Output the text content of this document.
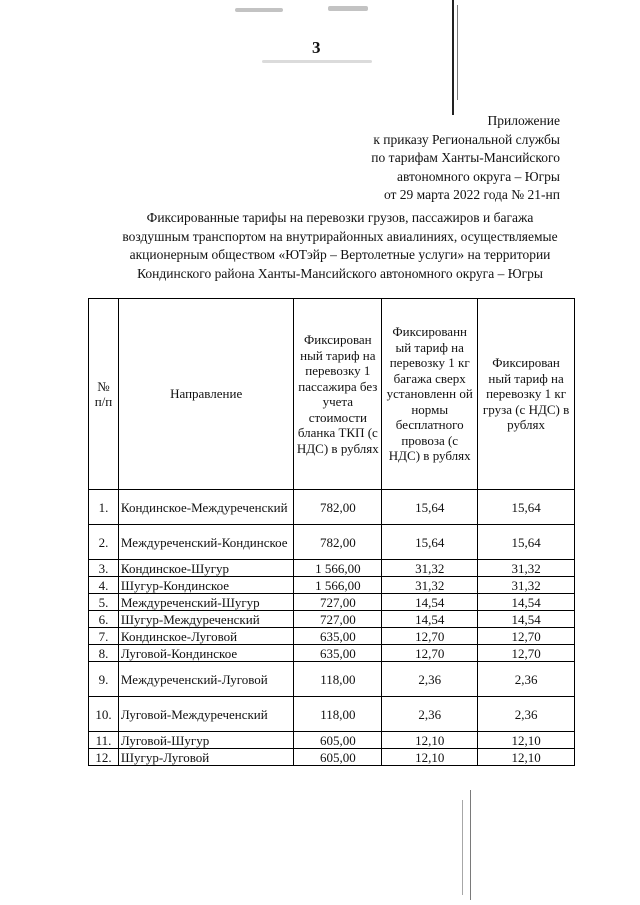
3
Приложение
к приказу Региональной службы
по тарифам Ханты-Мансийского
автономного округа – Югры
от 29 марта 2022 года № 21-нп
Фиксированные тарифы на перевозки грузов, пассажиров и багажа
воздушным транспортом на внутрирайонных авиалиниях, осуществляемые
акционерным обществом «ЮТэйр – Вертолетные услуги» на территории
Кондинского района Ханты-Мансийского автономного округа – Югры
№ п/п	Направление	Фиксирован ный тариф на перевозку 1 пассажира без учета стоимости бланка ТКП (с НДС) в рублях	Фиксированн ый тариф на перевозку 1 кг багажа сверх установленн ой нормы бесплатного провоза (с НДС) в рублях	Фиксирован ный тариф на перевозку 1 кг груза (с НДС) в рублях
1.	Кондинское-Междуреченский	782,00	15,64	15,64
2.	Междуреченский-Кондинское	782,00	15,64	15,64
3.	Кондинское-Шугур	1 566,00	31,32	31,32
4.	Шугур-Кондинское	1 566,00	31,32	31,32
5.	Междуреченский-Шугур	727,00	14,54	14,54
6.	Шугур-Междуреченский	727,00	14,54	14,54
7.	Кондинское-Луговой	635,00	12,70	12,70
8.	Луговой-Кондинское	635,00	12,70	12,70
9.	Междуреченский-Луговой	118,00	2,36	2,36
10.	Луговой-Междуреченский	118,00	2,36	2,36
11.	Луговой-Шугур	605,00	12,10	12,10
12.	Шугур-Луговой	605,00	12,10	12,10
